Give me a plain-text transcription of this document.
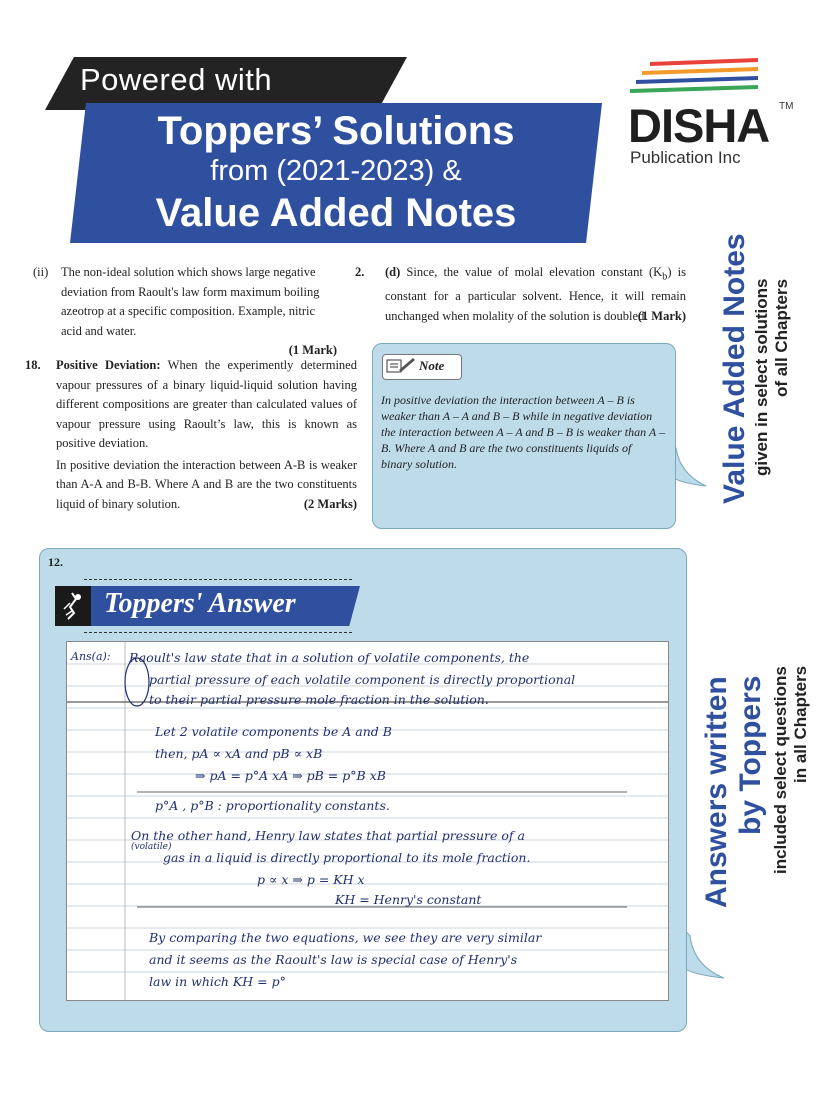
Powered with
Toppers’ Solutions
from (2021-2023) &
Value Added Notes
DISHA TM
Publication Inc
(ii) The non-ideal solution which shows large negative deviation from Raoult's law form maximum boiling azeotrop at a specific composition. Example, nitric acid and water.
(1 Mark)
18. Positive Deviation: When the experimently determined vapour pressures of a binary liquid-liquid solution having different compositions are greater than calculated values of vapour pressure using Raoult’s law, this is known as positive deviation.
In positive deviation the interaction between A-B is weaker than A-A and B-B. Where A and B are the two constituents liquid of binary solution.	(2 Marks)
2. (d) Since, the value of molal elevation constant $(K_b)$ is constant for a particular solvent. Hence, it will remain unchanged when molality of the solution is doubled.
(1 Mark)
Note
In positive deviation the interaction between A – B is weaker than A – A and B – B while in negative deviation the interaction between A – A and B – B is weaker than A – B. Where A and B are the two constituents liquids of binary solution.	Value Added Notes given in select solutions of all Chapters
Answers written by Toppers included select questions in all Chapters
12.
Toppers' Answer
Ans(a): Raoult's law state that in a solution of volatile components, the
partial pressure of each volatile component is directly proportional
to their partial pressure mole fraction in the solution.
Let 2 volatile components be A and B
then, pA ∝ xA and pB ∝ xB
⇒ pA = p°A xA ⇒ pB = p°B xB
p°A , p°B : proportionality constants.
On the other hand, Henry law states that partial pressure of a
(volatile)
gas in a liquid is directly proportional to its mole fraction.
p ∝ x ⇒ p = KH x
KH = Henry's constant
By comparing the two equations, we see they are very similar
and it seems as the Raoult's law is special case of Henry's
law in which KH = p°
